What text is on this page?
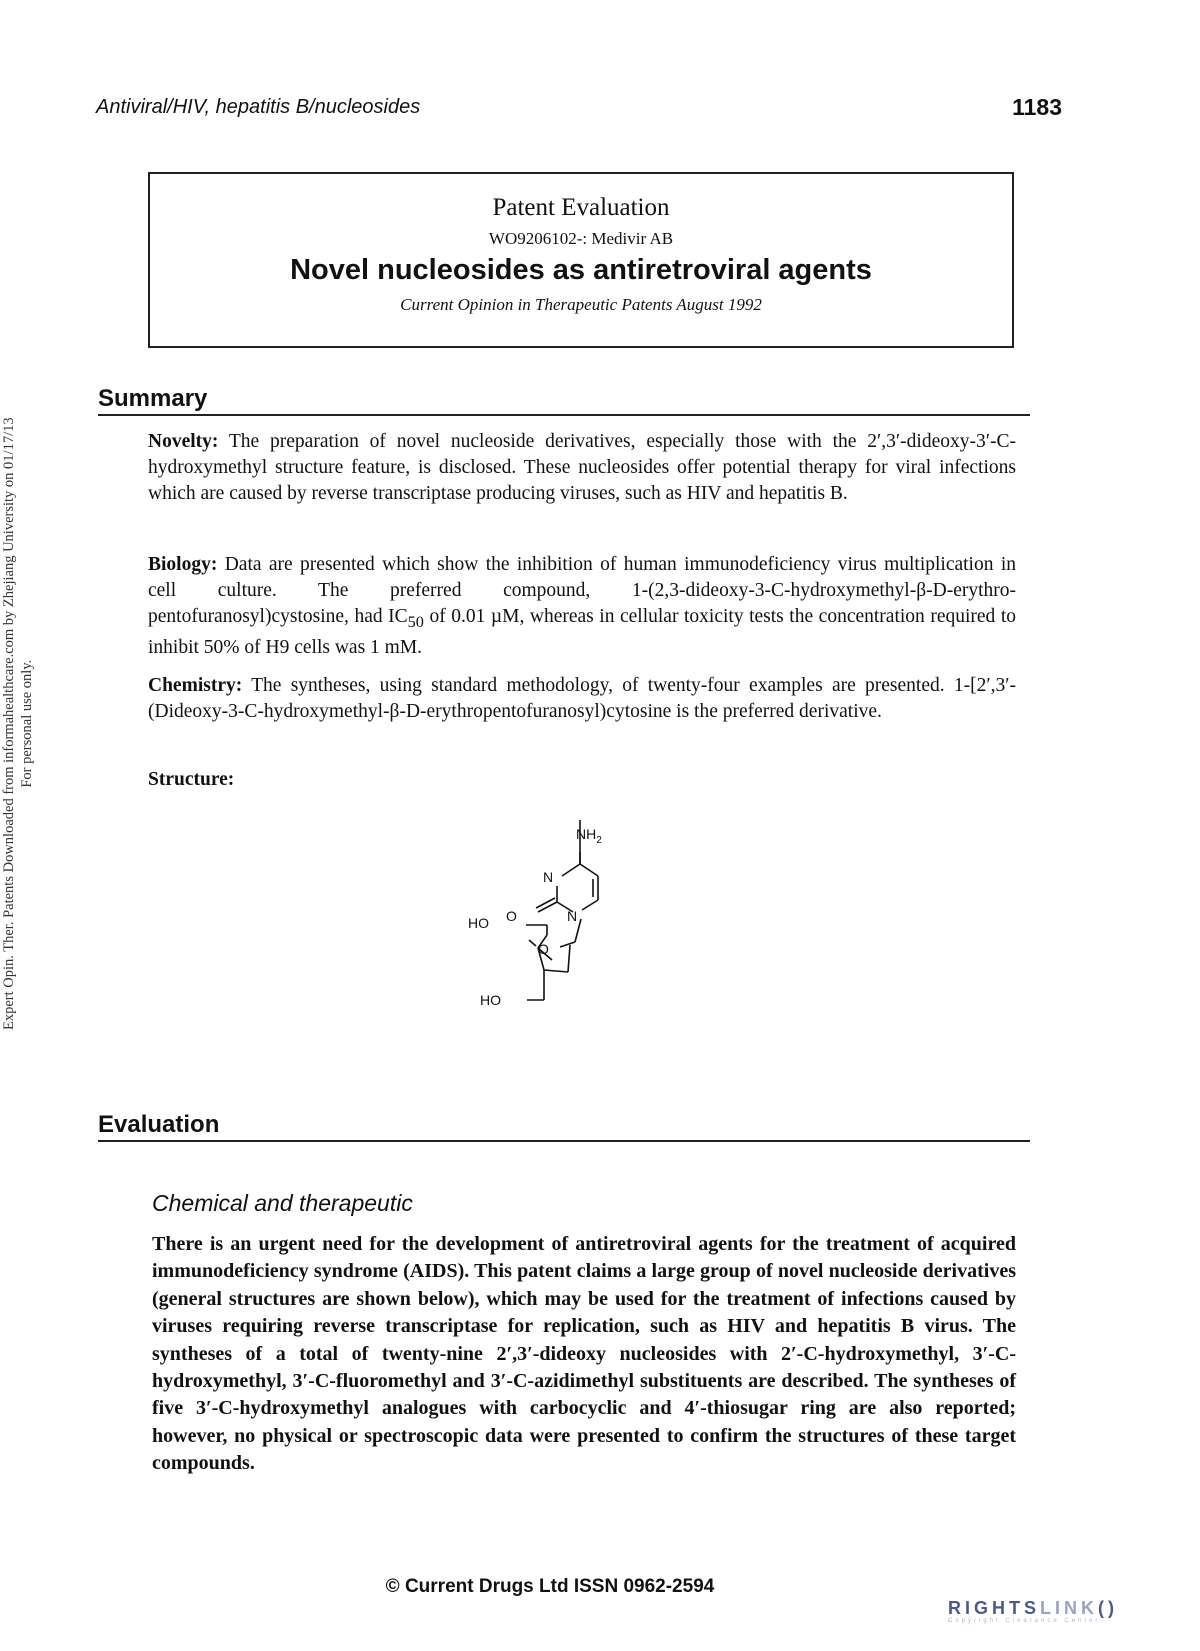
Antiviral/HIV, hepatitis B/nucleosides	1183
Patent Evaluation
WO9206102-: Medivir AB
Novel nucleosides as antiretroviral agents
Current Opinion in Therapeutic Patents August 1992
Summary
Novelty: The preparation of novel nucleoside derivatives, especially those with the 2′,3′-dideoxy-3′-C-hydroxymethyl structure feature, is disclosed. These nucleosides offer potential therapy for viral infections which are caused by reverse transcriptase producing viruses, such as HIV and hepatitis B.
Biology: Data are presented which show the inhibition of human immunodeficiency virus multiplication in cell culture. The preferred compound, 1-(2,3-dideoxy-3-C-hydroxymethyl-β-D-erythro-pentofuranosyl)cystosine, had $IC_{50}$ of 0.01 µM, whereas in cellular toxicity tests the concentration required to inhibit 50% of H9 cells was 1 mM.
Chemistry: The syntheses, using standard methodology, of twenty-four examples are presented. 1-[2′,3′-(Dideoxy-3-C-hydroxymethyl-β-D-erythropentofuranosyl)cytosine is the preferred derivative.
Structure:
$NH_2$
N
N
O
O
HO
HO
Evaluation
Chemical and therapeutic
There is an urgent need for the development of antiretroviral agents for the treatment of acquired immunodeficiency syndrome (AIDS). This patent claims a large group of novel nucleoside derivatives (general structures are shown below), which may be used for the treatment of infections caused by viruses requiring reverse transcriptase for replication, such as HIV and hepatitis B virus. The syntheses of a total of twenty-nine 2′,3′-dideoxy nucleosides with 2′-C-hydroxymethyl, 3′-C-hydroxymethyl, 3′-C-fluoromethyl and 3′-C-azidimethyl substituents are described. The syntheses of five 3′-C-hydroxymethyl analogues with carbocyclic and 4′-thiosugar ring are also reported; however, no physical or spectroscopic data were presented to confirm the structures of these target compounds.
© Current Drugs Ltd ISSN 0962-2594
Expert Opin. Ther. Patents Downloaded from informahealthcare.com by Zhejiang University on 01/17/13 For personal use only.
RIGHTSLINK()
Copyright Clearance Center
